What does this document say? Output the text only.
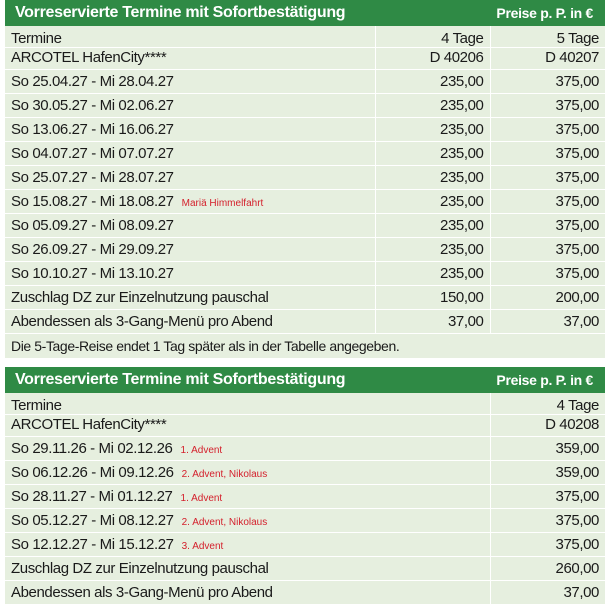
Vorreservierte Termine mit Sofortbestätigung	Preise p. P. in €
Termine	4 Tage	5 Tage
ARCOTEL HafenCity****	D 40206	D 40207
So 25.04.27 - Mi 28.04.27	235,00	375,00
So 30.05.27 - Mi 02.06.27	235,00	375,00
So 13.06.27 - Mi 16.06.27	235,00	375,00
So 04.07.27 - Mi 07.07.27	235,00	375,00
So 25.07.27 - Mi 28.07.27	235,00	375,00
So 15.08.27 - Mi 18.08.27 Mariä Himmelfahrt	235,00	375,00
So 05.09.27 - Mi 08.09.27	235,00	375,00
So 26.09.27 - Mi 29.09.27	235,00	375,00
So 10.10.27 - Mi 13.10.27	235,00	375,00
Zuschlag DZ zur Einzelnutzung pauschal	150,00	200,00
Abendessen als 3-Gang-Menü pro Abend	37,00	37,00
Die 5-Tage-Reise endet 1 Tag später als in der Tabelle angegeben.
Vorreservierte Termine mit Sofortbestätigung	Preise p. P. in €
Termine	4 Tage
ARCOTEL HafenCity****	D 40208
So 29.11.26 - Mi 02.12.26 1. Advent	359,00
So 06.12.26 - Mi 09.12.26 2. Advent, Nikolaus	359,00
So 28.11.27 - Mi 01.12.27 1. Advent	375,00
So 05.12.27 - Mi 08.12.27 2. Advent, Nikolaus	375,00
So 12.12.27 - Mi 15.12.27 3. Advent	375,00
Zuschlag DZ zur Einzelnutzung pauschal	260,00
Abendessen als 3-Gang-Menü pro Abend	37,00
